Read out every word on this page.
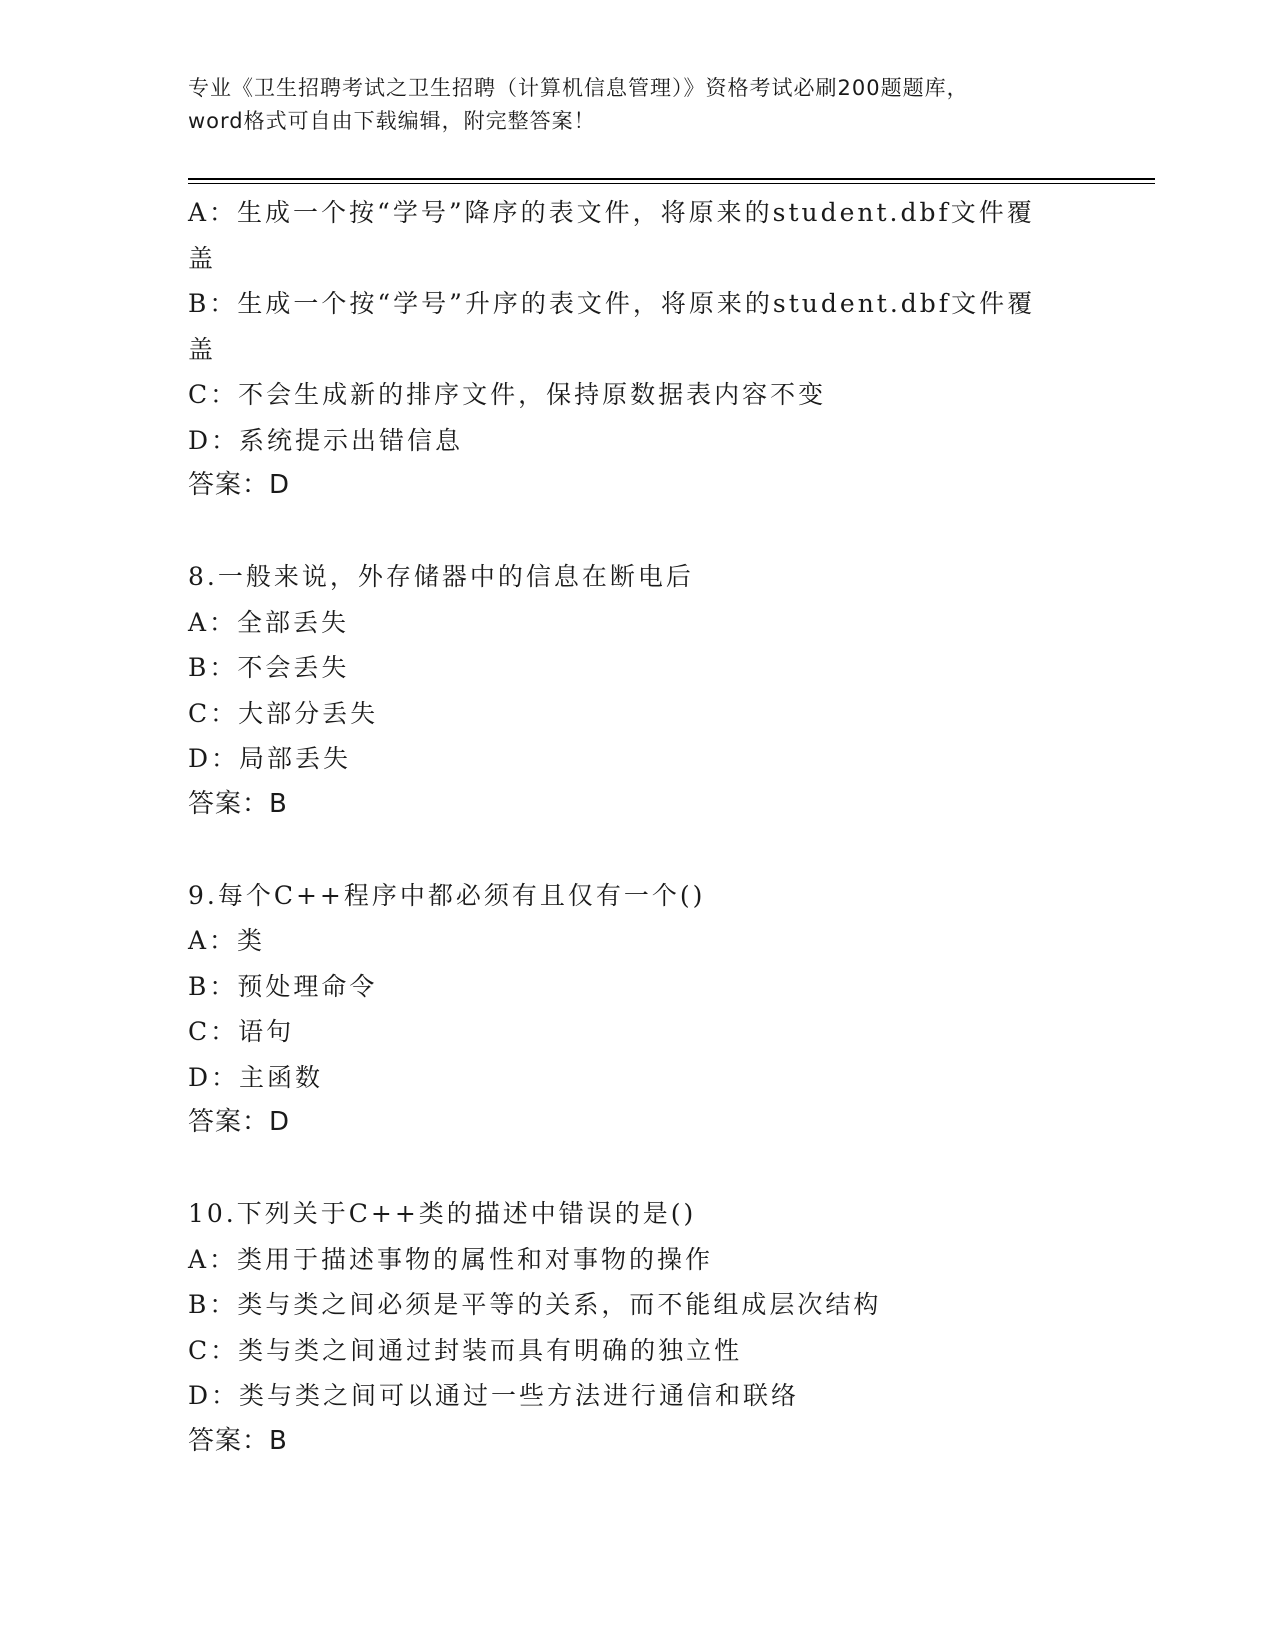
专业《卫生招聘考试之卫生招聘（计算机信息管理）》资格考试必刷200题题库，
word格式可自由下载编辑，附完整答案！
A：生成一个按“学号”降序的表文件，将原来的student.dbf文件覆
盖
B：生成一个按“学号”升序的表文件，将原来的student.dbf文件覆
盖
C：不会生成新的排序文件，保持原数据表内容不变
D：系统提示出错信息
答案：D
8.一般来说，外存储器中的信息在断电后
A：全部丢失
B：不会丢失
C：大部分丢失
D：局部丢失
答案：B
9.每个C++程序中都必须有且仅有一个()
A：类
B：预处理命令
C：语句
D：主函数
答案：D
10.下列关于C++类的描述中错误的是()
A：类用于描述事物的属性和对事物的操作
B：类与类之间必须是平等的关系，而不能组成层次结构
C：类与类之间通过封装而具有明确的独立性
D：类与类之间可以通过一些方法进行通信和联络
答案：B
